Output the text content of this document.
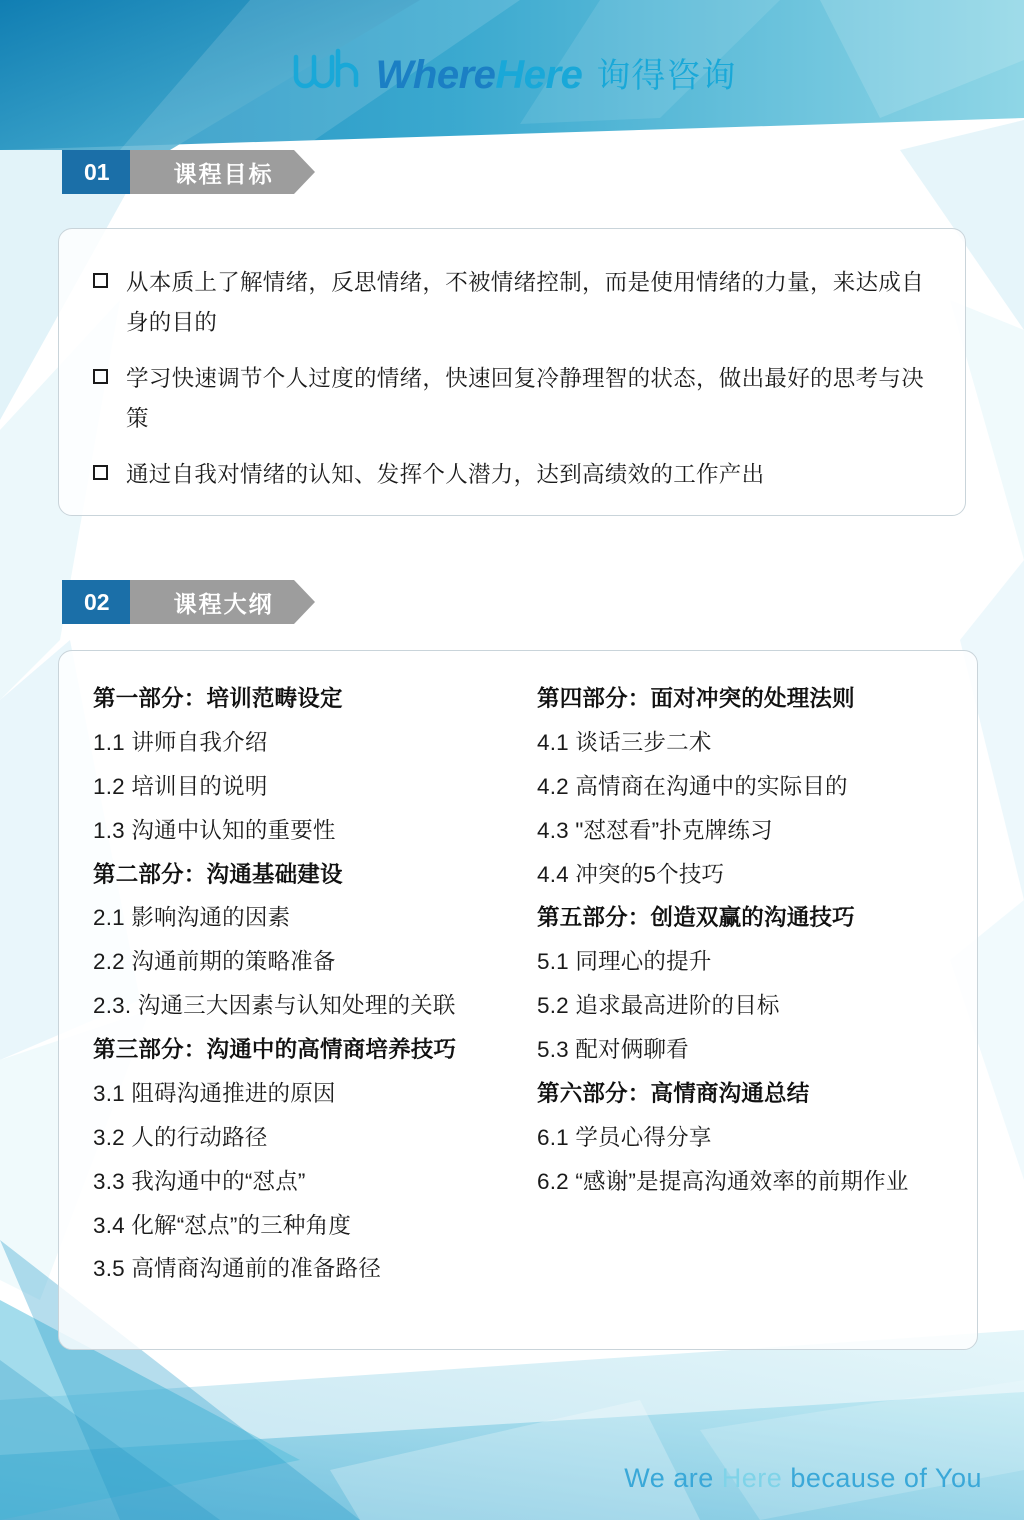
WhereHere 询得咨询
01	课程目标
从本质上了解情绪，反思情绪，不被情绪控制，而是使用情绪的力量，来达成自身的目的
学习快速调节个人过度的情绪，快速回复冷静理智的状态，做出最好的思考与决策
通过自我对情绪的认知、发挥个人潜力，达到高绩效的工作产出
02	课程大纲
第一部分：培训范畴设定
1.1 讲师自我介绍
1.2 培训目的说明
1.3 沟通中认知的重要性
第二部分：沟通基础建设
2.1 影响沟通的因素
2.2 沟通前期的策略准备
2.3. 沟通三大因素与认知处理的关联
第三部分：沟通中的高情商培养技巧
3.1 阻碍沟通推进的原因
3.2 人的行动路径
3.3 我沟通中的“怼点”
3.4 化解“怼点”的三种角度
3.5 高情商沟通前的准备路径
第四部分：面对冲突的处理法则
4.1 谈话三步二术
4.2 高情商在沟通中的实际目的
4.3 "怼怼看”扑克牌练习
4.4 冲突的5个技巧
第五部分：创造双赢的沟通技巧
5.1 同理心的提升
5.2 追求最高进阶的目标
5.3 配对俩聊看
第六部分：高情商沟通总结
6.1 学员心得分享
6.2 “感谢”是提高沟通效率的前期作业
We are Here because of You
